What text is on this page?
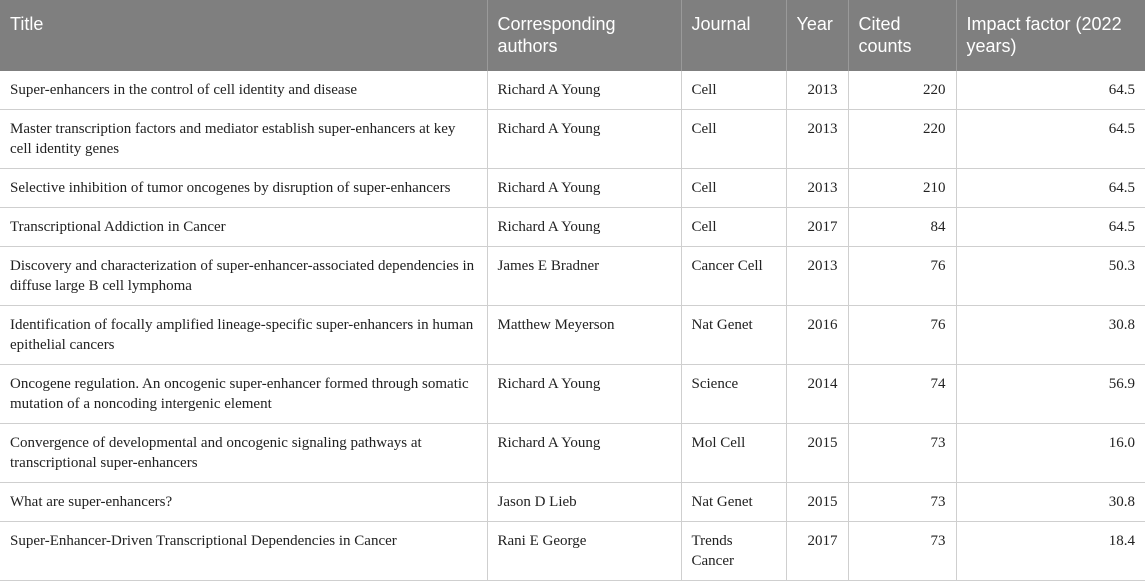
Title	Corresponding authors	Journal	Year	Cited counts	Impact factor (2022 years)
Super-enhancers in the control of cell identity and disease	Richard A Young	Cell	2013	220	64.5
Master transcription factors and mediator establish super-enhancers at key cell identity genes	Richard A Young	Cell	2013	220	64.5
Selective inhibition of tumor oncogenes by disruption of super-enhancers	Richard A Young	Cell	2013	210	64.5
Transcriptional Addiction in Cancer	Richard A Young	Cell	2017	84	64.5
Discovery and characterization of super-enhancer-associated dependencies in diffuse large B cell lymphoma	James E Bradner	Cancer Cell	2013	76	50.3
Identification of focally amplified lineage-specific super-enhancers in human epithelial cancers	Matthew Meyerson	Nat Genet	2016	76	30.8
Oncogene regulation. An oncogenic super-enhancer formed through somatic mutation of a noncoding intergenic element	Richard A Young	Science	2014	74	56.9
Convergence of developmental and oncogenic signaling pathways at transcriptional super-enhancers	Richard A Young	Mol Cell	2015	73	16.0
What are super-enhancers?	Jason D Lieb	Nat Genet	2015	73	30.8
Super-Enhancer-Driven Transcriptional Dependencies in Cancer	Rani E George	Trends Cancer	2017	73	18.4
